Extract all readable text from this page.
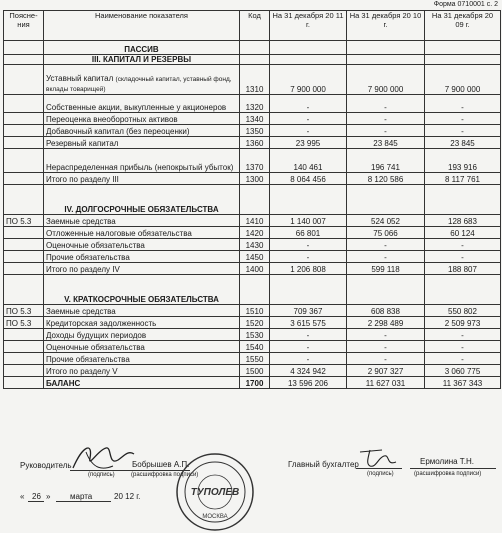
Форма 0710001 с. 2
Поясне- ния	Наименование показателя	Код	На 31 декабря 20 11 г.	На 31 декабря 20 10 г.	На 31 декабря 20 09 г.
	ПАССИВ				
	III. КАПИТАЛ И РЕЗЕРВЫ				
	Уставный капитал (складочный капитал, уставный фонд, вклады товарищей)	1310	7 900 000	7 900 000	7 900 000
	Собственные акции, выкупленные у акционеров	1320	-	-	-
	Переоценка внеоборотных активов	1340	-	-	-
	Добавочный капитал (без переоценки)	1350	-	-	-
	Резервный капитал	1360	23 995	23 845	23 845
	Нераспределенная прибыль (непокрытый убыток)	1370	140 461	196 741	193 916
	Итого по разделу III	1300	8 064 456	8 120 586	8 117 761
	IV. ДОЛГОСРОЧНЫЕ ОБЯЗАТЕЛЬСТВА				
ПО 5.3	Заемные средства	1410	1 140 007	524 052	128 683
	Отложенные налоговые обязательства	1420	66 801	75 066	60 124
	Оценочные обязательства	1430	-	-	-
	Прочие обязательства	1450	-	-	-
	Итого по разделу IV	1400	1 206 808	599 118	188 807
	V. КРАТКОСРОЧНЫЕ ОБЯЗАТЕЛЬСТВА				
ПО 5.3	Заемные средства	1510	709 367	608 838	550 802
ПО 5.3	Кредиторская задолженность	1520	3 615 575	2 298 489	2 509 973
	Доходы будущих периодов	1530	-	-	-
	Оценочные обязательства	1540	-	-	-
	Прочие обязательства	1550	-	-	-
	Итого по разделу V	1500	4 324 942	2 907 327	3 060 775
	БАЛАНС	1700	13 596 206	11 627 031	11 367 343
Руководитель
(подпись)
Бобрышев А.П.
(расшифровка подписи)
ТУПОЛЕВ
МОСКВА
Главный бухгалтер
(подпись)
Ермолина Т.Н.
(расшифровка подписи)
« 26 » марта	20 12 г.
